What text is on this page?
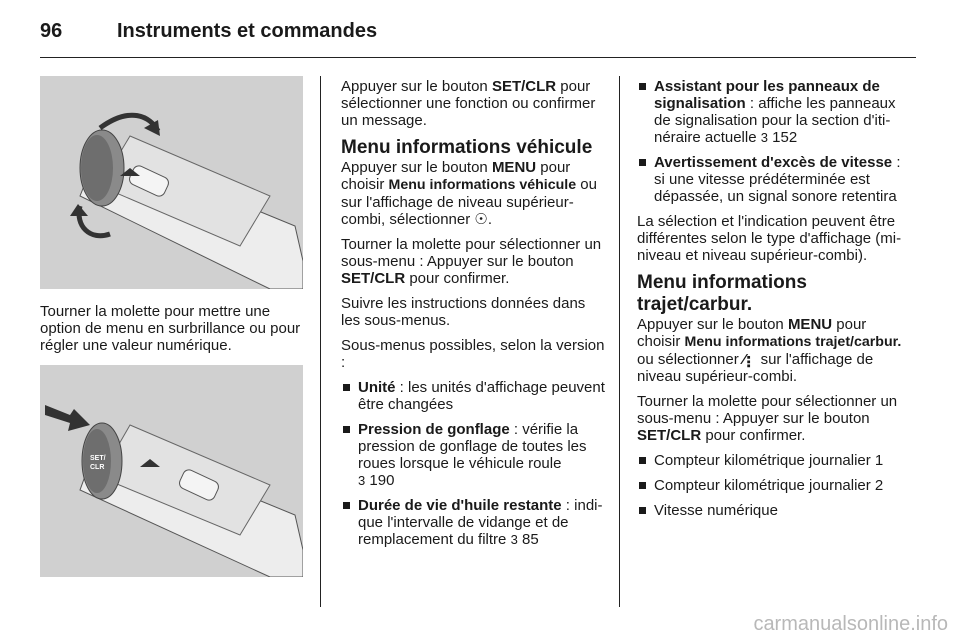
96	Instruments et commandes
Tourner la molette pour mettre une option de menu en surbrillance ou pour régler une valeur numérique.
SET/
CLR

Appuyer sur le bouton SET/CLR pour sélectionner une fonction ou confirmer un message.

Menu informations véhicule

Appuyer sur le bouton MENU pour choisir Menu informations véhicule ou sur l'affichage de niveau supérieur-combi, sélectionner ☉.

Tourner la molette pour sélectionner un sous-menu : Appuyer sur le bouton SET/CLR pour confirmer.

Suivre les instructions données dans les sous-menus.

Sous-menus possibles, selon la version :

Unité : les unités d'affichage peuvent être changées
Pression de gonflage : vérifie la pression de gonflage de toutes les roues lorsque le véhicule roule
3 190
Durée de vie d'huile restante : indique l'intervalle de vidange et de remplacement du filtre 3 85
Assistant pour les panneaux de signalisation : affiche les panneaux de signalisation pour la section d'itinéraire actuelle 3 152
Avertissement d'excès de vitesse : si une vitesse prédéterminée est dépassée, un signal sonore retentira

La sélection et l'indication peuvent être différentes selon le type d'affichage (mi-niveau et niveau supérieur-combi).

Menu informations trajet/carbur.

Appuyer sur le bouton MENU pour choisir Menu informations trajet/carbur. ou sélectionner ⁄⡆ sur l'affichage de niveau supérieur-combi.

Tourner la molette pour sélectionner un sous-menu : Appuyer sur le bouton SET/CLR pour confirmer.

Compteur kilométrique journalier 1
Compteur kilométrique journalier 2
Vitesse numérique
carmanualsonline.info
